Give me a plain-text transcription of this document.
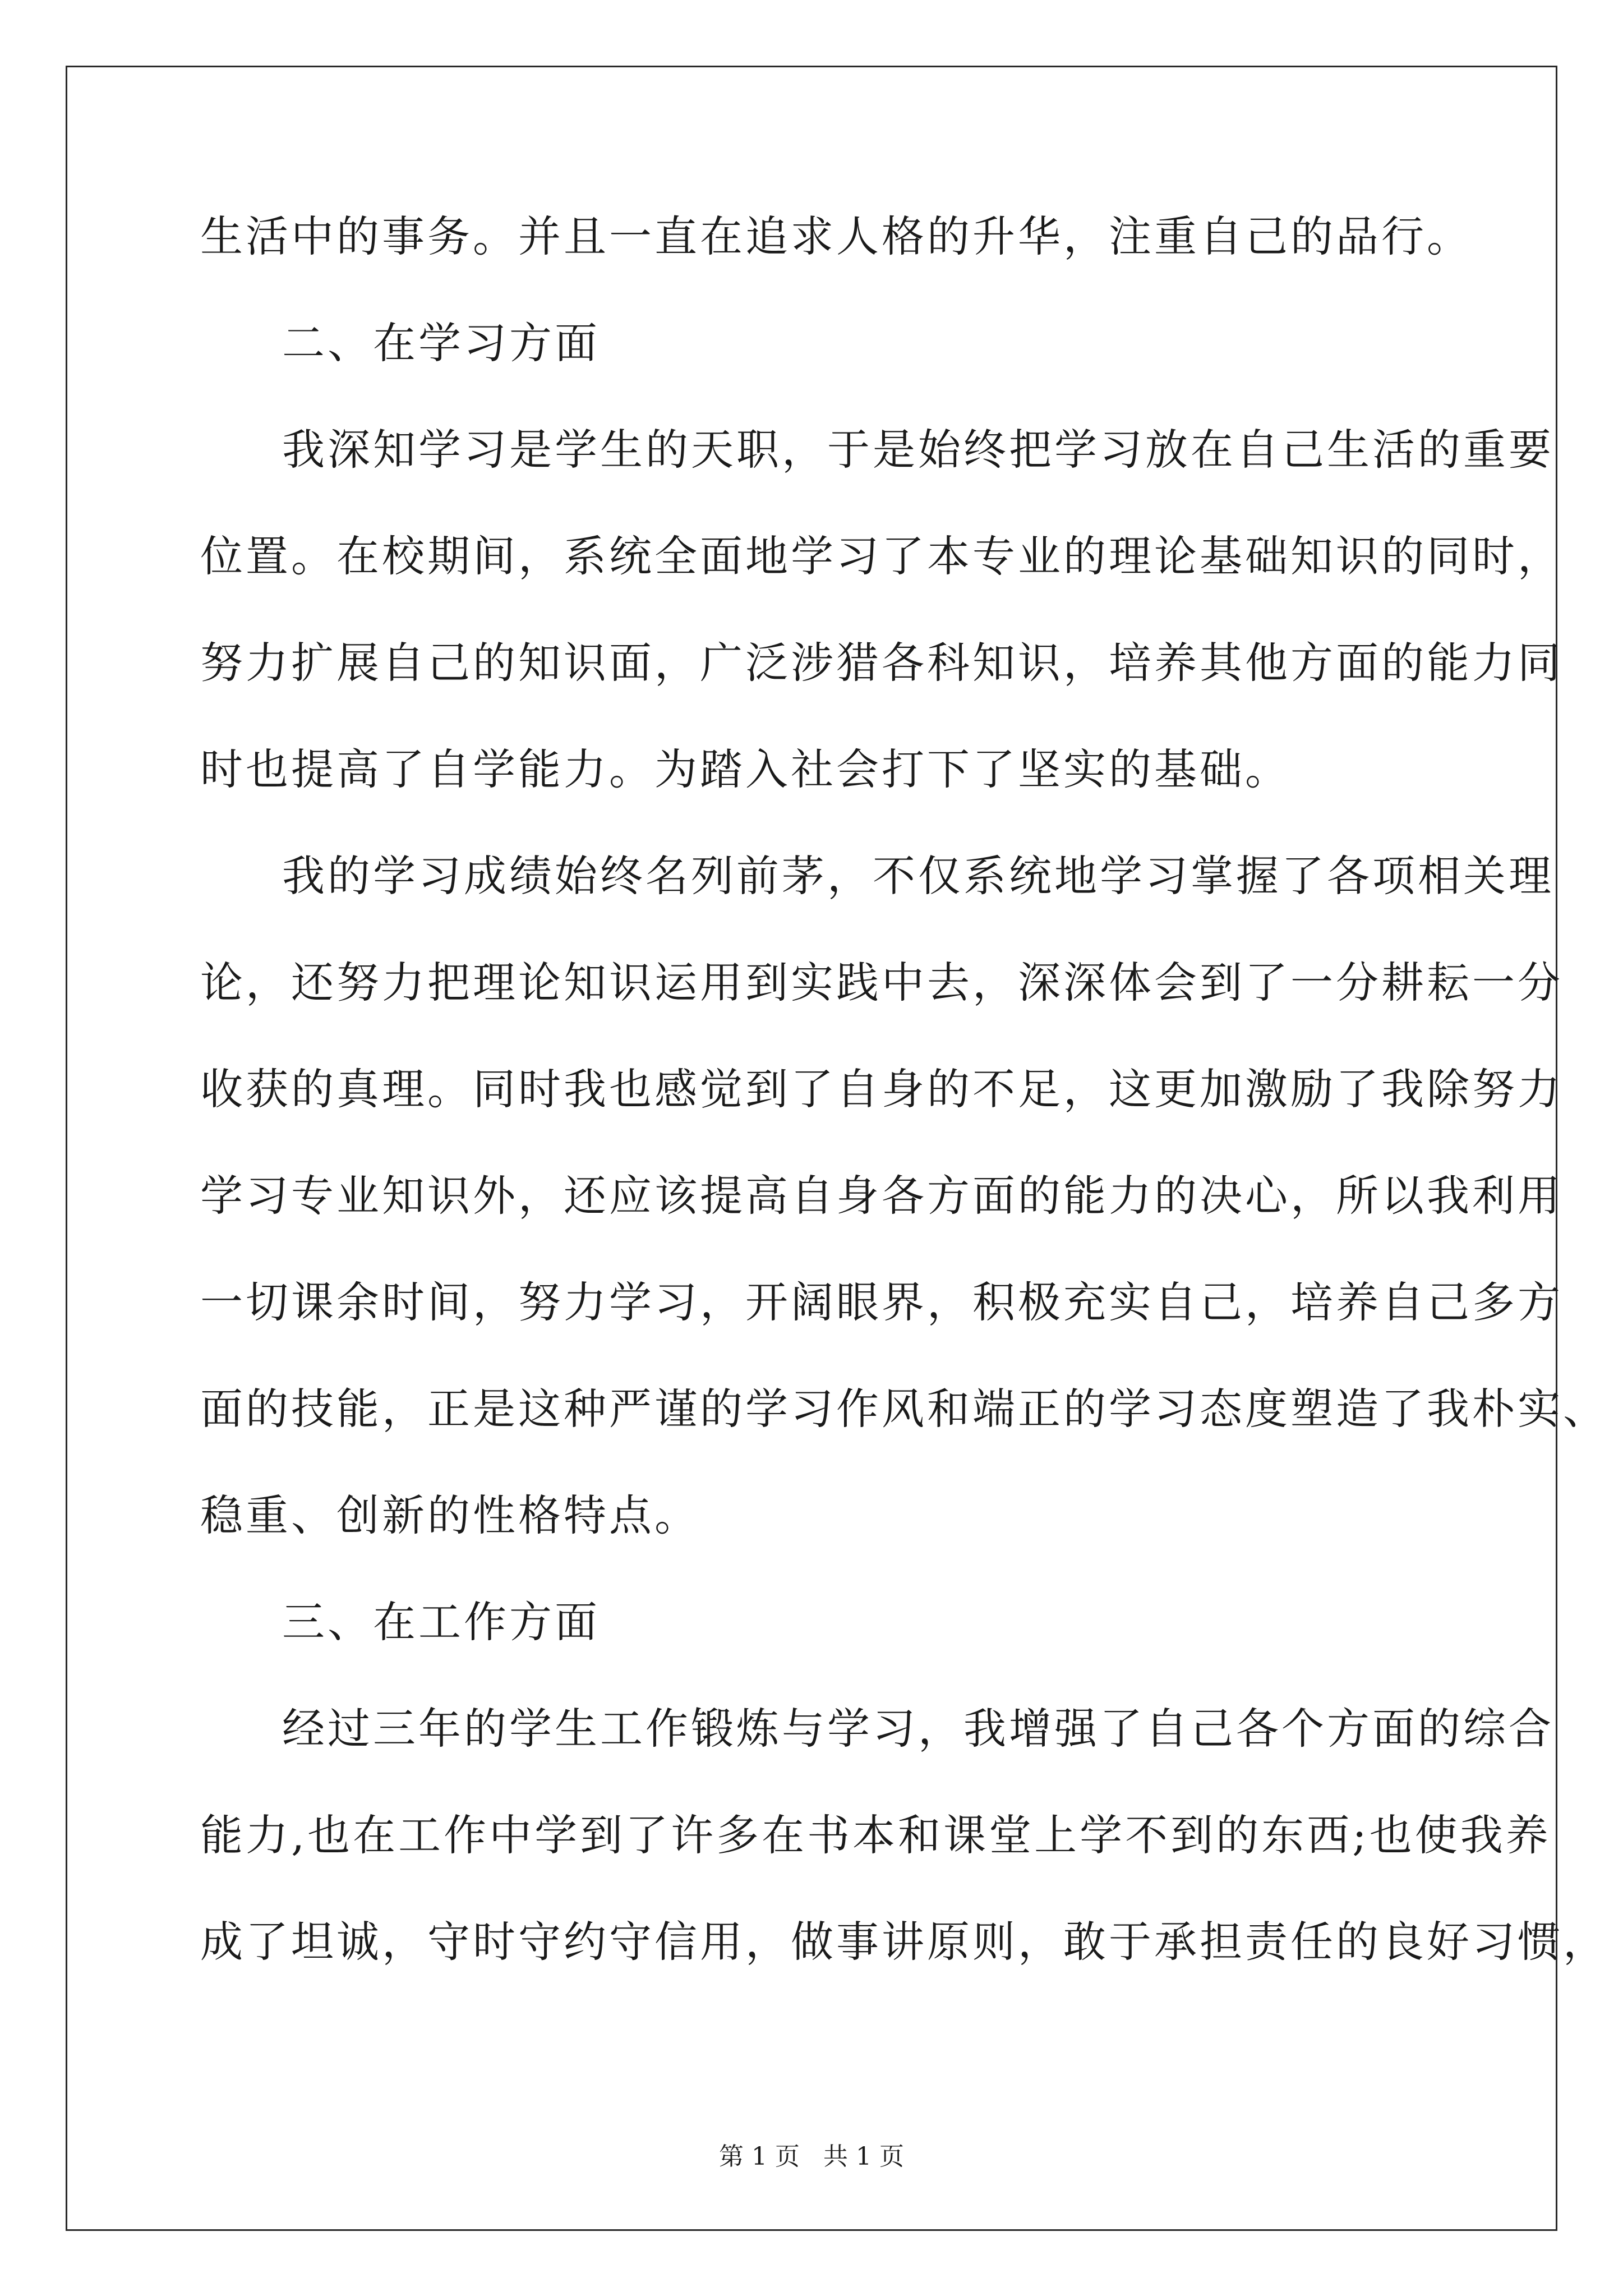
生活中的事务。并且一直在追求人格的升华，注重自己的品行。
二、在学习方面
我深知学习是学生的天职，于是始终把学习放在自己生活的重要
位置。在校期间，系统全面地学习了本专业的理论基础知识的同时，
努力扩展自己的知识面，广泛涉猎各科知识，培养其他方面的能力同
时也提高了自学能力。为踏入社会打下了坚实的基础。
我的学习成绩始终名列前茅，不仅系统地学习掌握了各项相关理
论，还努力把理论知识运用到实践中去，深深体会到了一分耕耘一分
收获的真理。同时我也感觉到了自身的不足，这更加激励了我除努力
学习专业知识外，还应该提高自身各方面的能力的决心，所以我利用
一切课余时间，努力学习，开阔眼界，积极充实自己，培养自己多方
面的技能，正是这种严谨的学习作风和端正的学习态度塑造了我朴实、
稳重、创新的性格特点。
三、在工作方面
经过三年的学生工作锻炼与学习，我增强了自己各个方面的综合
能力,也在工作中学到了许多在书本和课堂上学不到的东西;也使我养
成了坦诚，守时守约守信用，做事讲原则，敢于承担责任的良好习惯，
第 1 页   共 1 页
